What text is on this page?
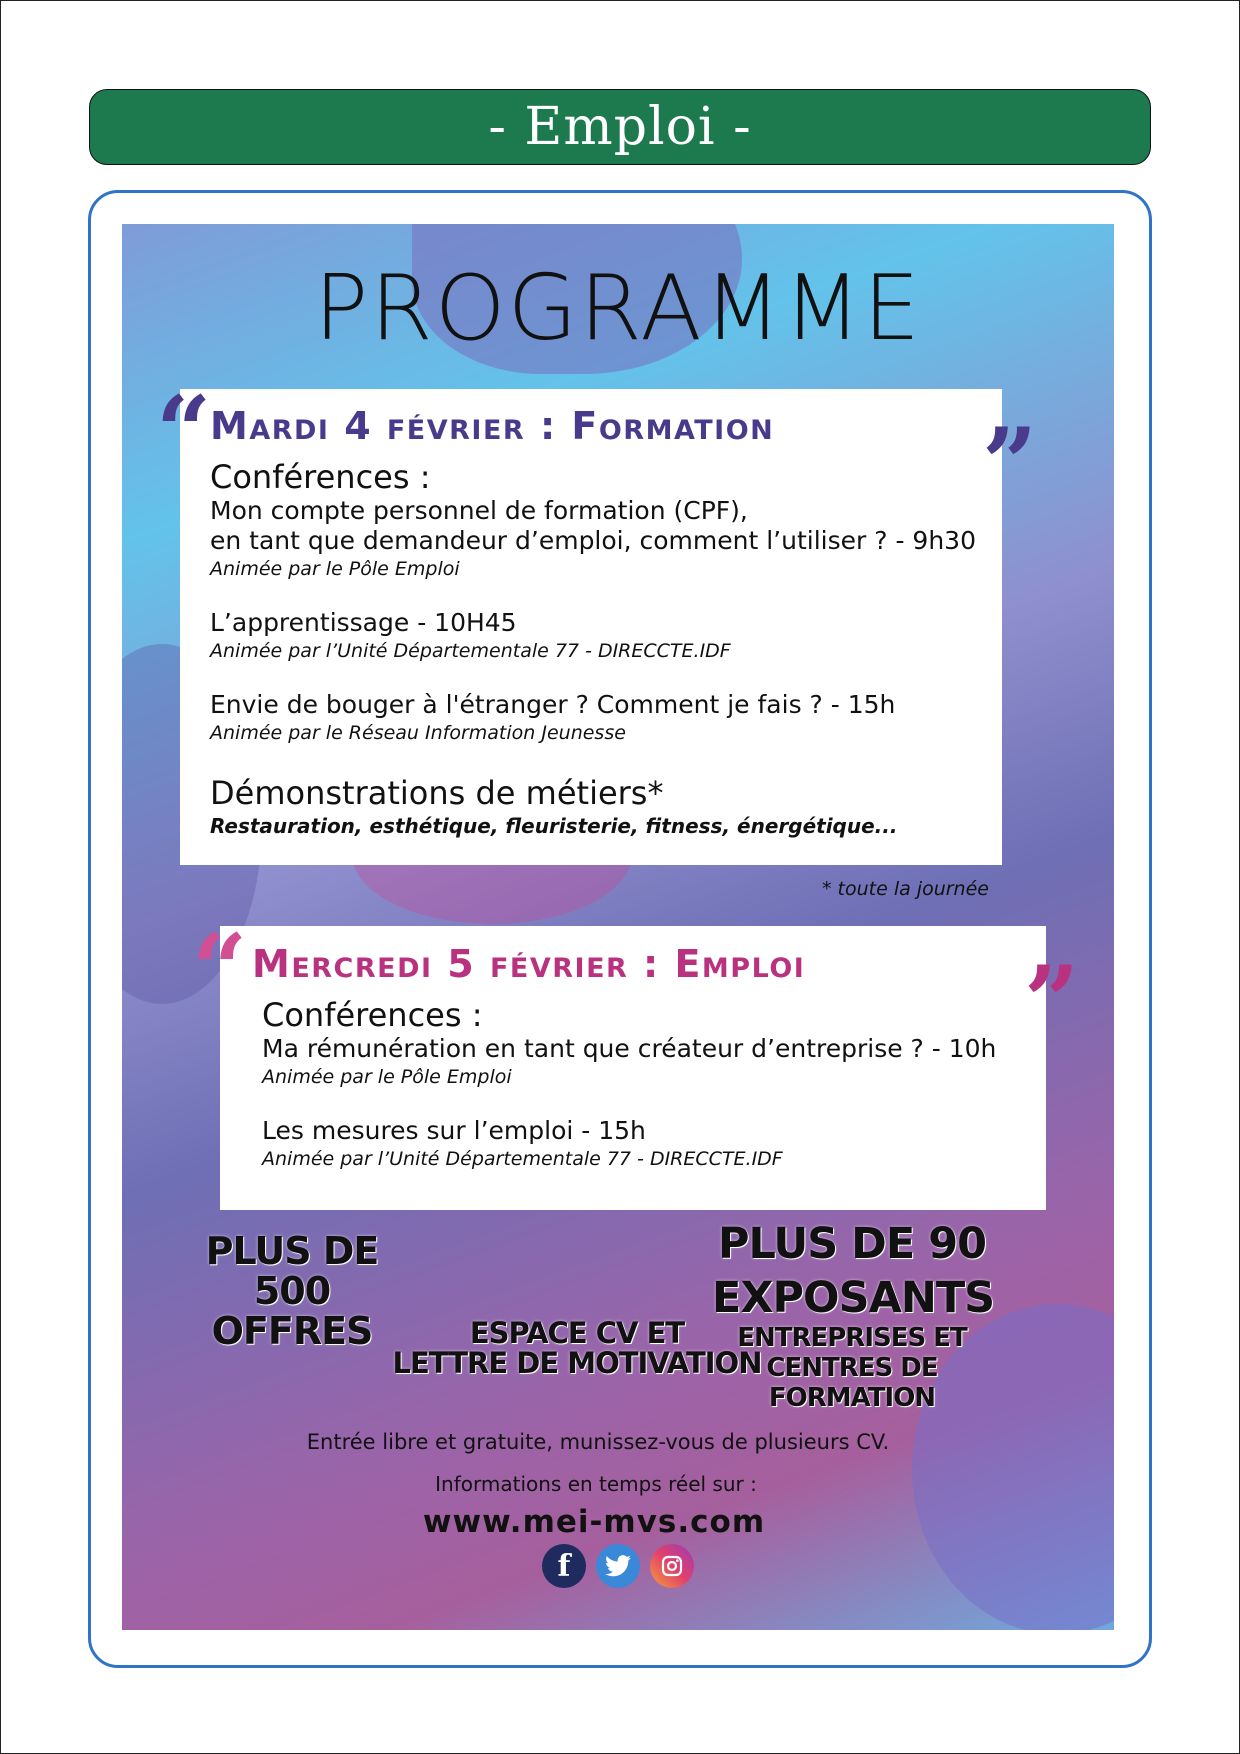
- Emploi -
PROGRAMME
“	”
Mardi 4 février : Formation
Conférences :
Mon compte personnel de formation (CPF),
en tant que demandeur d’emploi, comment l’utiliser ? - 9h30
Animée par le Pôle Emploi
L’apprentissage - 10H45
Animée par l’Unité Départementale 77 - DIRECCTE.IDF
Envie de bouger à l'étranger ? Comment je fais ? - 15h
Animée par le Réseau Information Jeunesse
Démonstrations de métiers*
Restauration, esthétique, fleuristerie, fitness, énergétique...
* toute la journée
“	”
Mercredi 5 février : Emploi
Conférences :
Ma rémunération en tant que créateur d’entreprise ? - 10h
Animée par le Pôle Emploi
Les mesures sur l’emploi - 15h
Animée par l’Unité Départementale 77 - DIRECCTE.IDF
PLUS DE
500
OFFRES	ESPACE CV ET
LETTRE DE MOTIVATION
PLUS DE 90
EXPOSANTS
ENTREPRISES ET
CENTRES DE
FORMATION
Entrée libre et gratuite, munissez-vous de plusieurs CV.
Informations en temps réel sur :
www.mei-mvs.com
f
